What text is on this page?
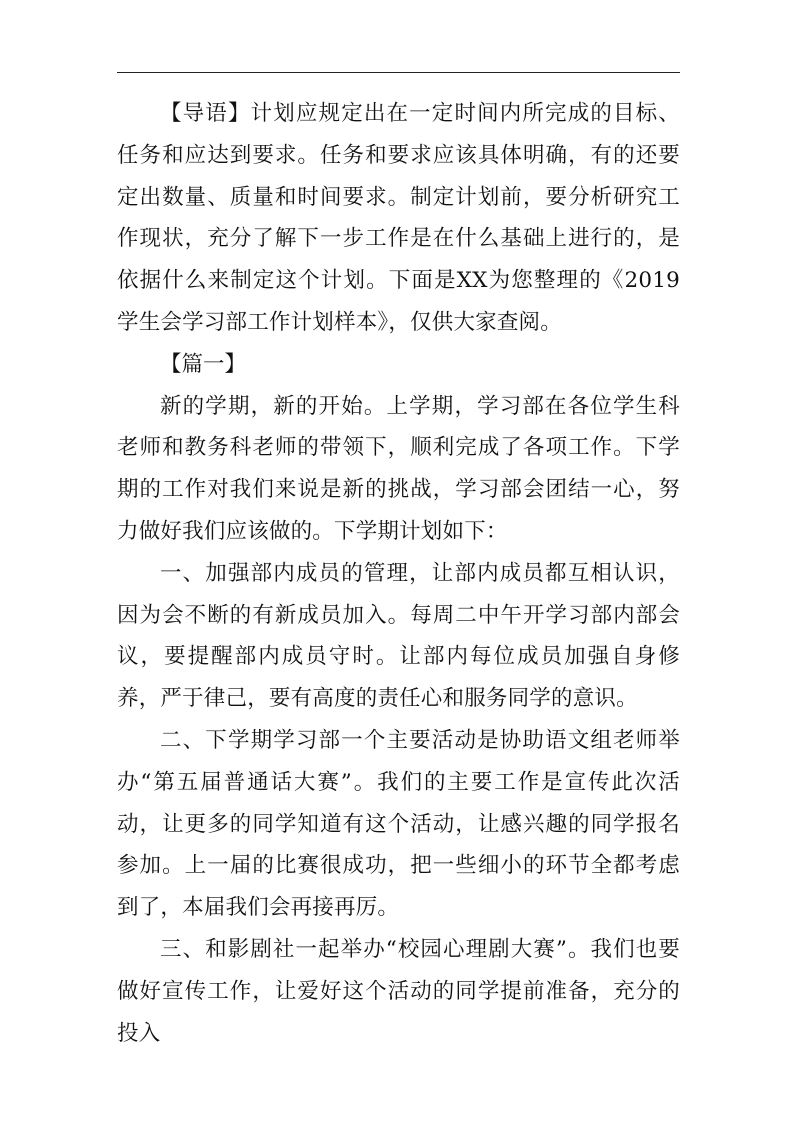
【导语】计划应规定出在一定时间内所完成的目标、任务和应达到要求。任务和要求应该具体明确，有的还要定出数量、质量和时间要求。制定计划前，要分析研究工作现状，充分了解下一步工作是在什么基础上进行的，是依据什么来制定这个计划。下面是XX为您整理的《2019学生会学习部工作计划样本》，仅供大家查阅。

【篇一】

新的学期，新的开始。上学期，学习部在各位学生科老师和教务科老师的带领下，顺利完成了各项工作。下学期的工作对我们来说是新的挑战，学习部会团结一心，努力做好我们应该做的。下学期计划如下：

一、加强部内成员的管理，让部内成员都互相认识，因为会不断的有新成员加入。每周二中午开学习部内部会议，要提醒部内成员守时。让部内每位成员加强自身修养，严于律己，要有高度的责任心和服务同学的意识。

二、下学期学习部一个主要活动是协助语文组老师举办“第五届普通话大赛”。我们的主要工作是宣传此次活动，让更多的同学知道有这个活动，让感兴趣的同学报名参加。上一届的比赛很成功，把一些细小的环节全都考虑到了，本届我们会再接再厉。

三、和影剧社一起举办“校园心理剧大赛”。我们也要做好宣传工作，让爱好这个活动的同学提前准备，充分的投入
